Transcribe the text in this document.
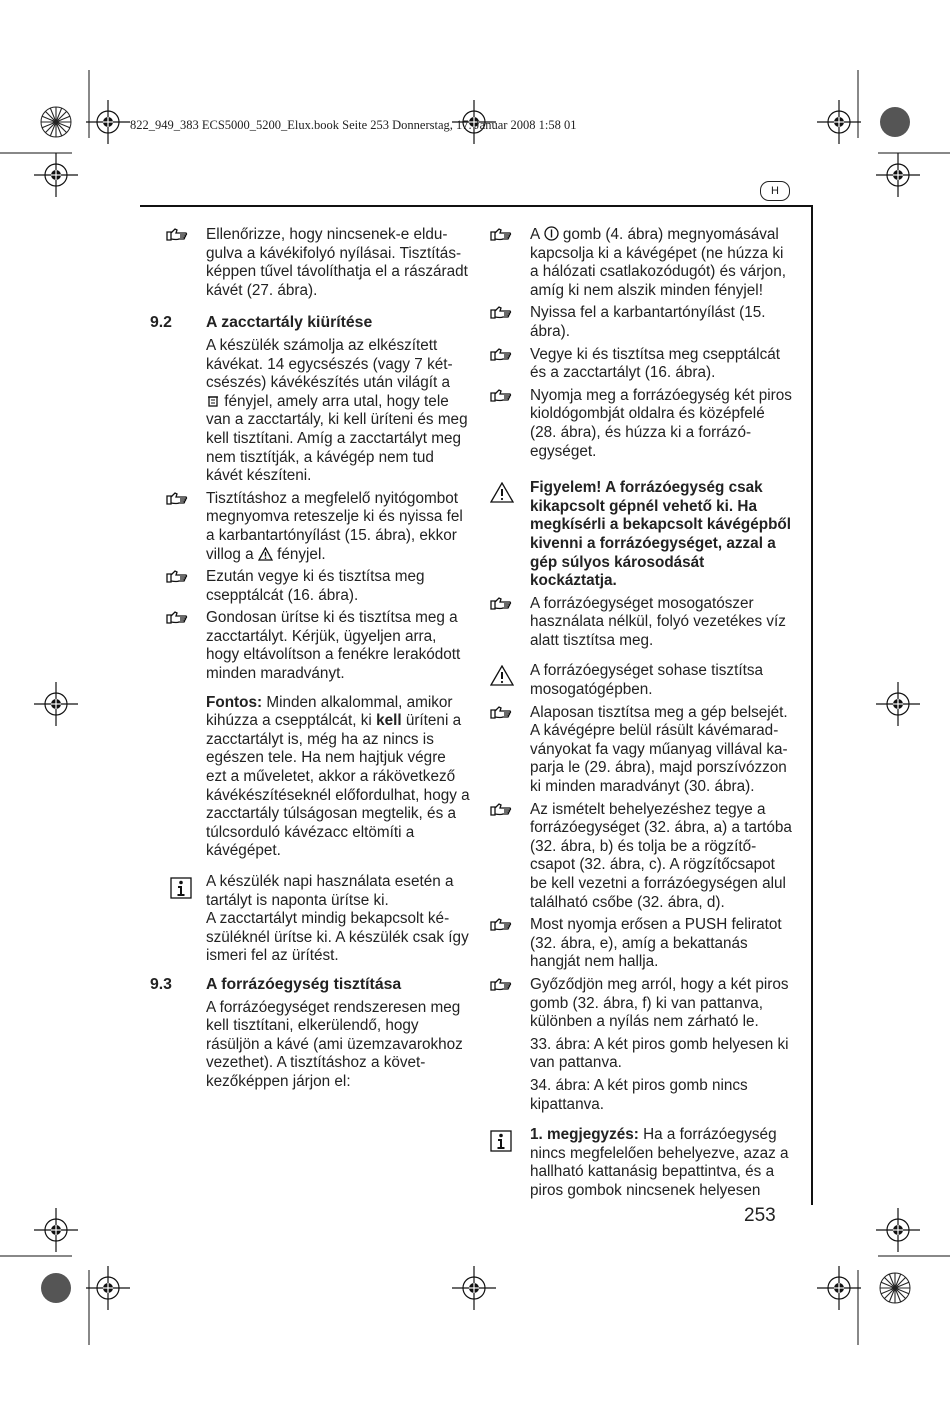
822_949_383 ECS5000_5200_Elux.book Seite 253 Donnerstag, 17. Januar 2008 1:58 01
H
253

Ellenőrizze, hogy nincsenek-e eldugulva a kávékifolyó nyílásai. Tisztításképpen tűvel távolíthatja el a rászáradt kávét (27. ábra).

9.2 A zacctartály kiürítése

A készülék számolja az elkészített kávékat. 14 egycsészés (vagy 7 kétcsészés) kávékészítés után világít a

fényjel, amely arra utal, hogy tele van a zacctartály, ki kell üríteni és meg kell tisztítani. Amíg a zacctartályt meg nem tisztítják, a kávégép nem tud kávét készíteni.

Tisztításhoz a megfelelő nyitógombot megnyomva reteszelje ki és nyissa fel a karbantartónyílást (15. ábra), ekkor villog a fényjel.

Ezután vegye ki és tisztítsa meg csepptálcát (16. ábra).

Gondosan ürítse ki és tisztítsa meg a zacctartályt. Kérjük, ügyeljen arra, hogy eltávolítson a fenékre lerakódott minden maradványt.

Fontos: Minden alkalommal, amikor kihúzza a csepptálcát, ki kell üríteni a zacctartályt is, még ha az nincs is egészen tele. Ha nem hajtjuk végre ezt a műveletet, akkor a rákövetkező kávékészítéseknél előfordulhat, hogy a zacctartály túlságosan megtelik, és a túlcsorduló kávézacc eltömíti a kávégépet.

A készülék napi használata esetén a tartályt is naponta ürítse ki.
A zacctartályt mindig bekapcsolt készüléknél ürítse ki. A készülék csak így ismeri fel az ürítést.

9.3 A forrázóegység tisztítása

A forrázóegységet rendszeresen meg kell tisztítani, elkerülendő, hogy rásüljön a kávé (ami üzemzavarokhoz vezethet). A tisztításhoz a következőképpen járjon el:

A gomb (4. ábra) megnyomásával kapcsolja ki a kávégépet (ne húzza ki a hálózati csatlakozódugót) és várjon, amíg ki nem alszik minden fényjel!

Nyissa fel a karbantartónyílást (15. ábra).

Vegye ki és tisztítsa meg csepptálcát és a zacctartályt (16. ábra).

Nyomja meg a forrázóegység két piros kioldógombját oldalra és középfelé (28. ábra), és húzza ki a forrázóegységet.

Figyelem! A forrázóegység csak kikapcsolt gépnél vehető ki. Ha megkísérli a bekapcsolt kávégépből kivenni a forrázóegységet, azzal a gép súlyos károsodását kockáztatja.

A forrázóegységet mosogatószer használata nélkül, folyó vezetékes víz alatt tisztítsa meg.

A forrázóegységet sohase tisztítsa mosogatógépben.

Alaposan tisztítsa meg a gép belsejét. A kávégépre belül rásült kávémaradványokat fa vagy műanyag villával kaparja le (29. ábra), majd porszívózzon ki minden maradványt (30. ábra).

Az ismételt behelyezéshez tegye a forrázóegységet (32. ábra, a) a tartóba (32. ábra, b) és tolja be a rögzítőcsapot (32. ábra, c). A rögzítőcsapot be kell vezetni a forrázóegységen alul található csőbe (32. ábra, d).

Most nyomja erősen a PUSH feliratot (32. ábra, e), amíg a bekattanás hangját nem hallja.

Győződjön meg arról, hogy a két piros gomb (32. ábra, f) ki van pattanva, különben a nyílás nem zárható le.

33. ábra: A két piros gomb helyesen ki van pattanva.

34. ábra: A két piros gomb nincs kipattanva.

1. megjegyzés: Ha a forrázóegység nincs megfelelően behelyezve, azaz a hallható kattanásig bepattintva, és a piros gombok nincsenek helyesen
